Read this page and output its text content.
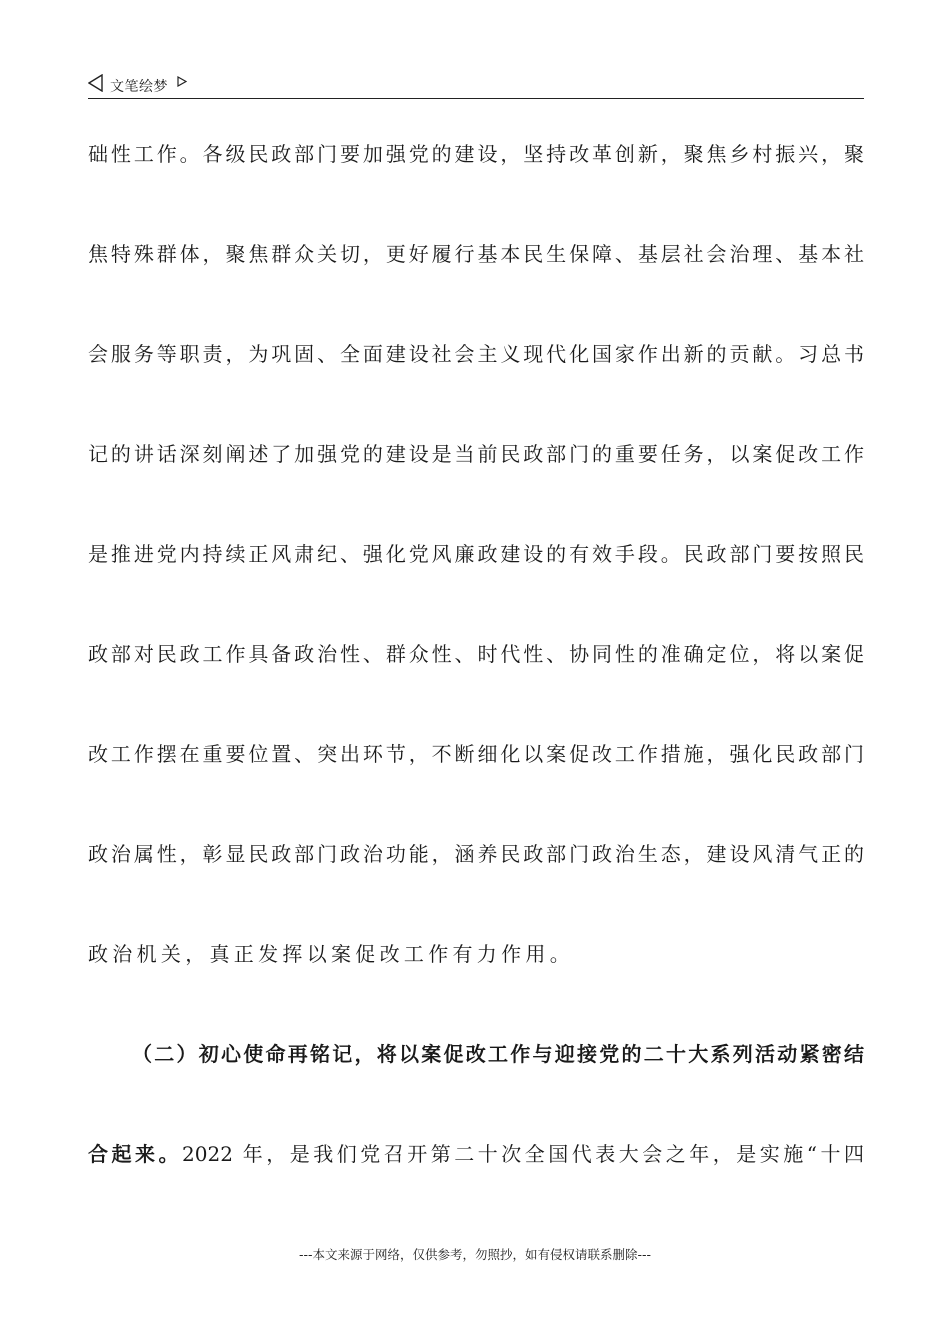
文笔绘梦
础性工作。各级民政部门要加强党的建设，坚持改革创新，聚焦乡村振兴，聚
焦特殊群体，聚焦群众关切，更好履行基本民生保障、基层社会治理、基本社
会服务等职责，为巩固、全面建设社会主义现代化国家作出新的贡献。习总书
记的讲话深刻阐述了加强党的建设是当前民政部门的重要任务，以案促改工作
是推进党内持续正风肃纪、强化党风廉政建设的有效手段。民政部门要按照民
政部对民政工作具备政治性、群众性、时代性、协同性的准确定位，将以案促
改工作摆在重要位置、突出环节，不断细化以案促改工作措施，强化民政部门
政治属性，彰显民政部门政治功能，涵养民政部门政治生态，建设风清气正的
政治机关，真正发挥以案促改工作有力作用。
（二）初心使命再铭记，将以案促改工作与迎接党的二十大系列活动紧密结
合起来。2022 年，是我们党召开第二十次全国代表大会之年，是实施“十四
---本文来源于网络，仅供参考，勿照抄，如有侵权请联系删除---
